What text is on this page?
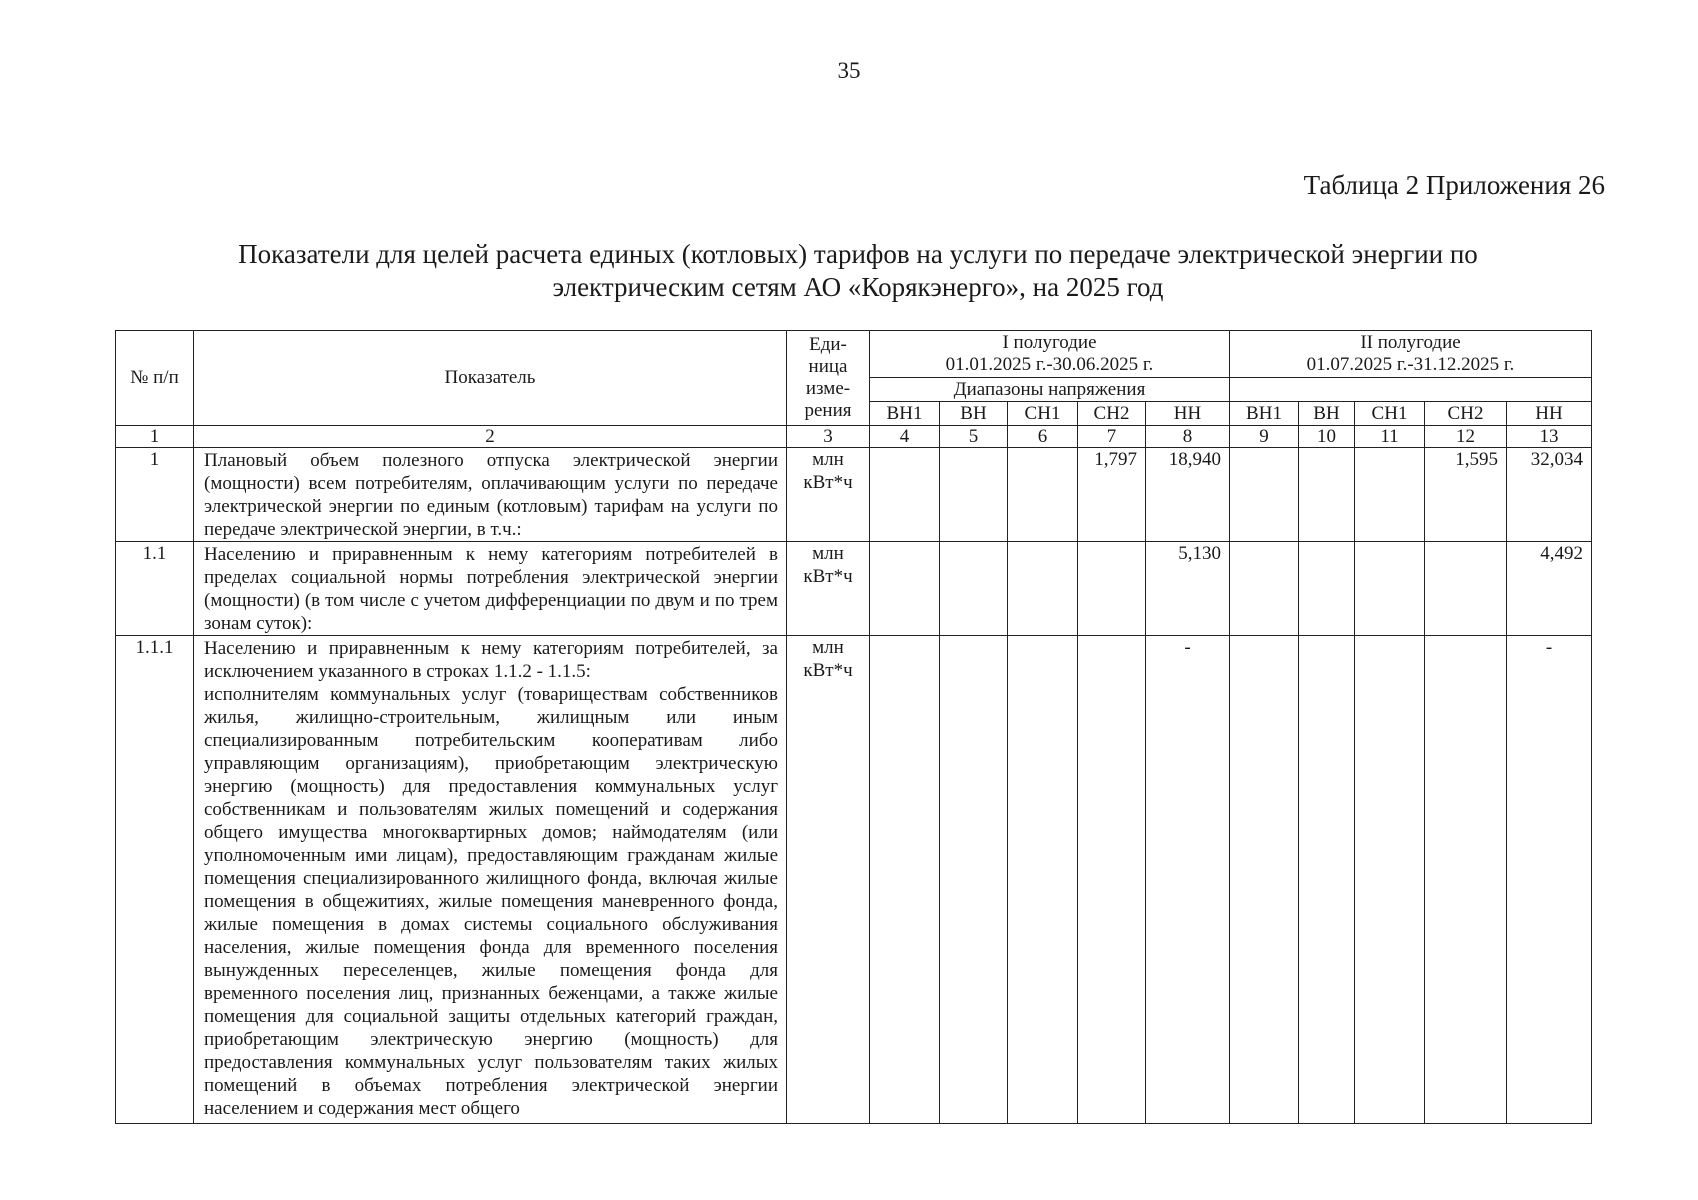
35
Таблица 2 Приложения 26
Показатели для целей расчета единых (котловых) тарифов на услуги по передаче электрической энергии по
электрическим сетям АО «Корякэнерго», на 2025 год
№ п/п	Показатель	Еди-
ница
изме-
рения	I полугодие
01.01.2025 г.-30.06.2025 г.					II полугодие
01.07.2025 г.-31.12.2025 г.				
			Диапазоны напряжения									
			ВН1	ВН	СН1	СН2	НН	ВН1	ВН	СН1	СН2	НН
1	2	3	4	5	6	7	8	9	10	11	12	13
1	Плановый объем полезного отпуска электрической энергии (мощности) всем потребителям, оплачивающим услуги по передаче электрической энергии по единым (котловым) тарифам на услуги по передаче электрической энергии, в т.ч.:	млн
кВт*ч				1,797	18,940				1,595	32,034
1.1	Населению и приравненным к нему категориям потребителей в пределах социальной нормы потребления электрической энергии (мощности) (в том числе с учетом дифференциации по двум и по трем зонам суток):	млн
кВт*ч					5,130					4,492
1.1.1	Населению и приравненным к нему категориям потребителей, за исключением указанного в строках 1.1.2 - 1.1.5:
исполнителям коммунальных услуг (товариществам собственников жилья, жилищно-строительным, жилищным или иным специализированным потребительским кооперативам либо управляющим организациям), приобретающим электрическую энергию (мощность) для предоставления коммунальных услуг собственникам и пользователям жилых помещений и содержания общего имущества многоквартирных домов; наймодателям (или уполномоченным ими лицам), предоставляющим гражданам жилые помещения специализированного жилищного фонда, включая жилые помещения в общежитиях, жилые помещения маневренного фонда, жилые помещения в домах системы социального обслуживания населения, жилые помещения фонда для временного поселения вынужденных переселенцев, жилые помещения фонда для временного поселения лиц, признанных беженцами, а также жилые помещения для социальной защиты отдельных категорий граждан, приобретающим электрическую энергию (мощность) для предоставления коммунальных услуг пользователям таких жилых помещений в объемах потребления электрической энергии населением и содержания мест общего	млн
кВт*ч					-					-
